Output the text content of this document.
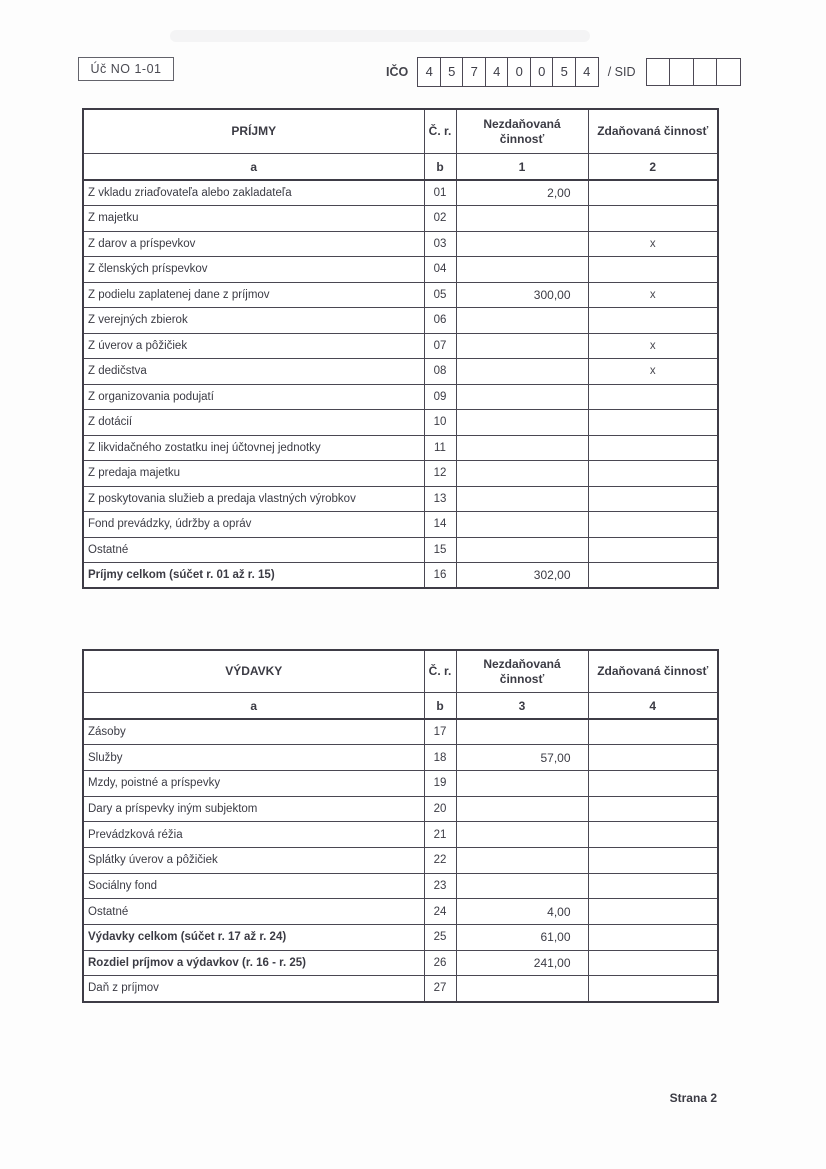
Úč NO 1-01	IČO	4	5	7	4	0	0	5	4	/ SID
PRÍJMY	Č. r.	Nezdaňovaná činnosť	Zdaňovaná činnosť
a	b	1	2
Z vkladu zriaďovateľa alebo zakladateľa	01	2,00	
Z majetku	02		
Z darov a príspevkov	03		x
Z členských príspevkov	04		
Z podielu zaplatenej dane z príjmov	05	300,00	x
Z verejných zbierok	06		
Z úverov a pôžičiek	07		x
Z dedičstva	08		x
Z organizovania podujatí	09		
Z dotácií	10		
Z likvidačného zostatku inej účtovnej jednotky	11		
Z predaja majetku	12		
Z poskytovania služieb a predaja vlastných výrobkov	13		
Fond prevádzky, údržby a opráv	14		
Ostatné	15		
Príjmy celkom (súčet r. 01 až r. 15)	16	302,00	
VÝDAVKY	Č. r.	Nezdaňovaná činnosť	Zdaňovaná činnosť
a	b	3	4
Zásoby	17		
Služby	18	57,00	
Mzdy, poistné a príspevky	19		
Dary a príspevky iným subjektom	20		
Prevádzková réžia	21		
Splátky úverov a pôžičiek	22		
Sociálny fond	23		
Ostatné	24	4,00	
Výdavky celkom (súčet r. 17 až r. 24)	25	61,00	
Rozdiel príjmov a výdavkov (r. 16 - r. 25)	26	241,00	
Daň z príjmov	27		
Strana 2
